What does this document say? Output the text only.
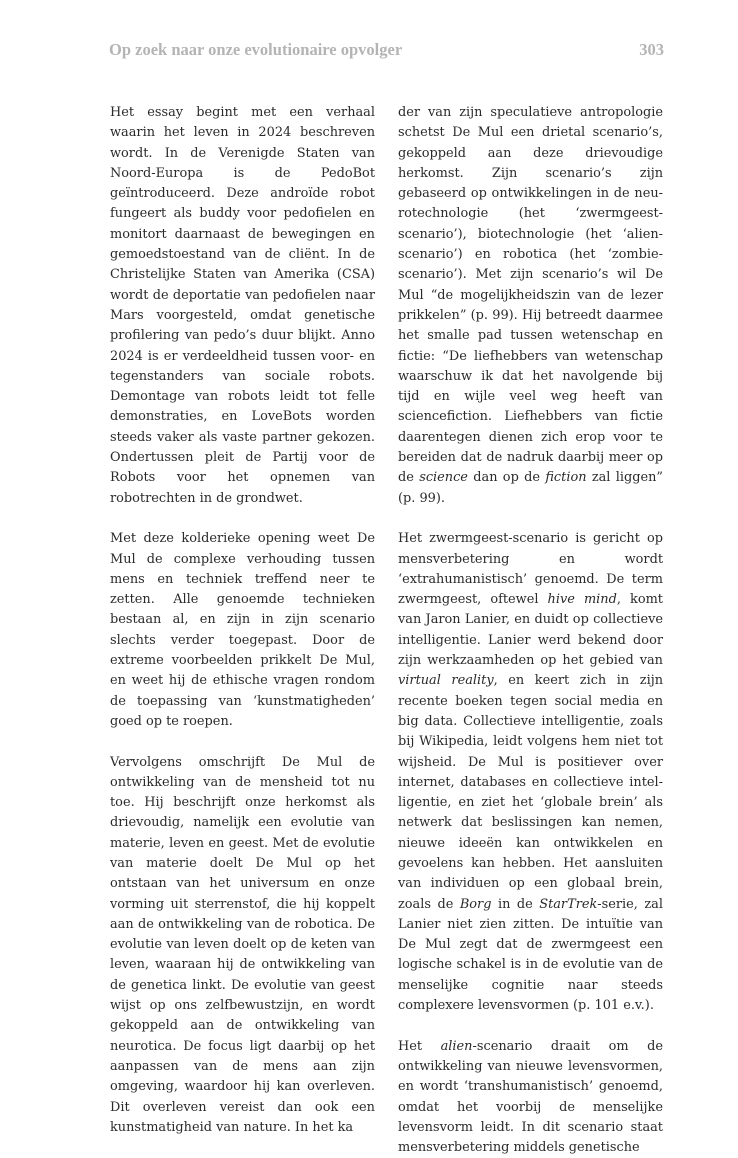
Op zoek naar onze evolutionaire opvolger	303

Het essay begint met een verhaal waarin het leven in 2024 beschreven wordt. In de Verenigde Staten van Noord-Europa is de PedoBot geïntroduceerd. Deze androïde robot fungeert als buddy voor pedofielen en monitort daarnaast de bewegingen en gemoedstoestand van de cliënt. In de Christelijke Staten van Amerika (CSA) wordt de deportatie van pedofielen naar Mars voorgesteld, omdat genetische profilering van pedo’s duur blijkt. Anno 2024 is er verdeeldheid tussen voor- en tegenstanders van sociale robots. Demontage van robots leidt tot felle demonstraties, en LoveBots worden steeds vaker als vaste partner gekozen. Ondertussen pleit de Partij voor de Robots voor het opnemen van robotrechten in de grondwet.

Met deze kolderieke opening weet De Mul de complexe verhouding tussen mens en techniek treffend neer te zetten. Alle genoemde technieken bestaan al, en zijn in zijn scenario slechts verder toegepast. Door de extreme voorbeelden prikkelt De Mul, en weet hij de ethische vragen rondom de toepassing van ‘kunstmatigheden’ goed op te roepen.

Vervolgens omschrijft De Mul de ontwikkeling van de mensheid tot nu toe. Hij beschrijft onze herkomst als drievoudig, namelijk een evolutie van materie, leven en geest. Met de evolutie van materie doelt De Mul op het ontstaan van het universum en onze vorming uit sterrenstof, die hij koppelt aan de ontwikkeling van de robotica. De evolutie van leven doelt op de keten van leven, waaraan hij de ontwikkeling van de genetica linkt. De evolutie van geest wijst op ons zelfbewustzijn, en wordt gekoppeld aan de ontwikkeling van neurotica. De focus ligt daarbij op het aanpassen van de mens aan zijn omgeving, waardoor hij kan overleven. Dit overleven vereist dan ook een kunstmatigheid van nature. In het ka

der van zijn speculatieve antropologie schetst De Mul een drietal scenario’s, gekoppeld aan deze drievoudige herkomst. Zijn scenario’s zijn gebaseerd op ontwikkelingen in de neurotechnologie (het ‘zwermgeest-scenario’), biotechnologie (het ‘alien-scenario’) en robotica (het ‘zombie-scenario’). Met zijn scenario’s wil De Mul “de mogelijkheidszin van de lezer prikkelen” (p. 99). Hij betreedt daarmee het smalle pad tussen wetenschap en fictie: “De liefhebbers van wetenschap waarschuw ik dat het navolgende bij tijd en wijle veel weg heeft van sciencefiction. Liefhebbers van fictie daarentegen dienen zich erop voor te bereiden dat de nadruk daarbij meer op de science dan op de fiction zal liggen” (p. 99).

Het zwermgeest-scenario is gericht op mensverbetering en wordt ‘extrahumanistisch’ genoemd. De term zwermgeest, oftewel hive mind, komt van Jaron Lanier, en duidt op collectieve intelligentie. Lanier werd bekend door zijn werkzaamheden op het gebied van virtual reality, en keert zich in zijn recente boeken tegen social media en big data. Collectieve intelligentie, zoals bij Wikipedia, leidt volgens hem niet tot wijsheid. De Mul is positiever over internet, databases en collectieve intelligentie, en ziet het ‘globale brein’ als netwerk dat beslissingen kan nemen, nieuwe ideeën kan ontwikkelen en gevoelens kan hebben. Het aansluiten van individuen op een globaal brein, zoals de Borg in de StarTrek-serie, zal Lanier niet zien zitten. De intuïtie van De Mul zegt dat de zwermgeest een logische schakel is in de evolutie van de menselijke cognitie naar steeds complexere levensvormen (p. 101 e.v.).

Het alien-scenario draait om de ontwikkeling van nieuwe levensvormen, en wordt ‘transhumanistisch’ genoemd, omdat het voorbij de menselijke levensvorm leidt. In dit scenario staat mensverbetering middels genetische
